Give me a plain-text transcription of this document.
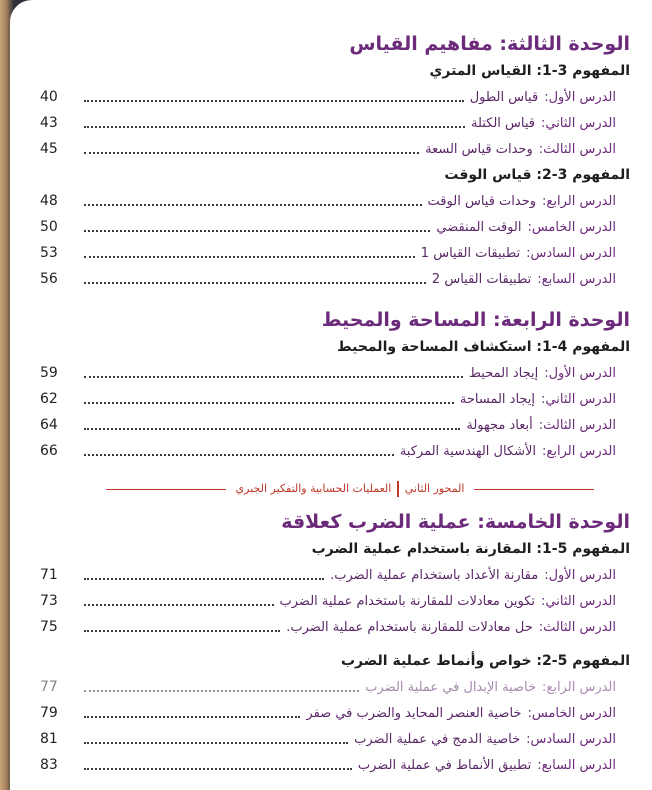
الوحدة الثالثة: مفاهيم القياس
المفهوم 3-1: القياس المتري
الدرس الأول:
قياس الطول
40
الدرس الثاني:
قياس الكتلة
43
الدرس الثالث:
وحدات قياس السعة
45
المفهوم 3-2: قياس الوقت
الدرس الرابع:
وحدات قياس الوقت
48
الدرس الخامس:
الوقت المنقضي
50
الدرس السادس:
تطبيقات القياس 1
53
الدرس السابع:
تطبيقات القياس 2
56
الوحدة الرابعة: المساحة والمحيط
المفهوم 4-1: استكشاف المساحة والمحيط
الدرس الأول:
إيجاد المحيط
59
الدرس الثاني:
إيجاد المساحة
62
الدرس الثالث:
أبعاد مجهولة
64
الدرس الرابع:
الأشكال الهندسية المركبة
66
المحور الثانيالعمليات الحسابية والتفكير الجبري
الوحدة الخامسة: عملية الضرب كعلاقة
المفهوم 5-1: المقارنة باستخدام عملية الضرب
الدرس الأول:
مقارنة الأعداد باستخدام عملية الضرب.
71
الدرس الثاني:
تكوين معادلات للمقارنة باستخدام عملية الضرب
73
الدرس الثالث:
حل معادلات للمقارنة باستخدام عملية الضرب.
75
المفهوم 5-2: خواص وأنماط عملية الضرب
الدرس الرابع:
خاصية الإبدال في عملية الضرب
77
الدرس الخامس:
خاصية العنصر المحايد والضرب في صفر
79
الدرس السادس:
خاصية الدمج في عملية الضرب
81
الدرس السابع:
تطبيق الأنماط في عملية الضرب
83
